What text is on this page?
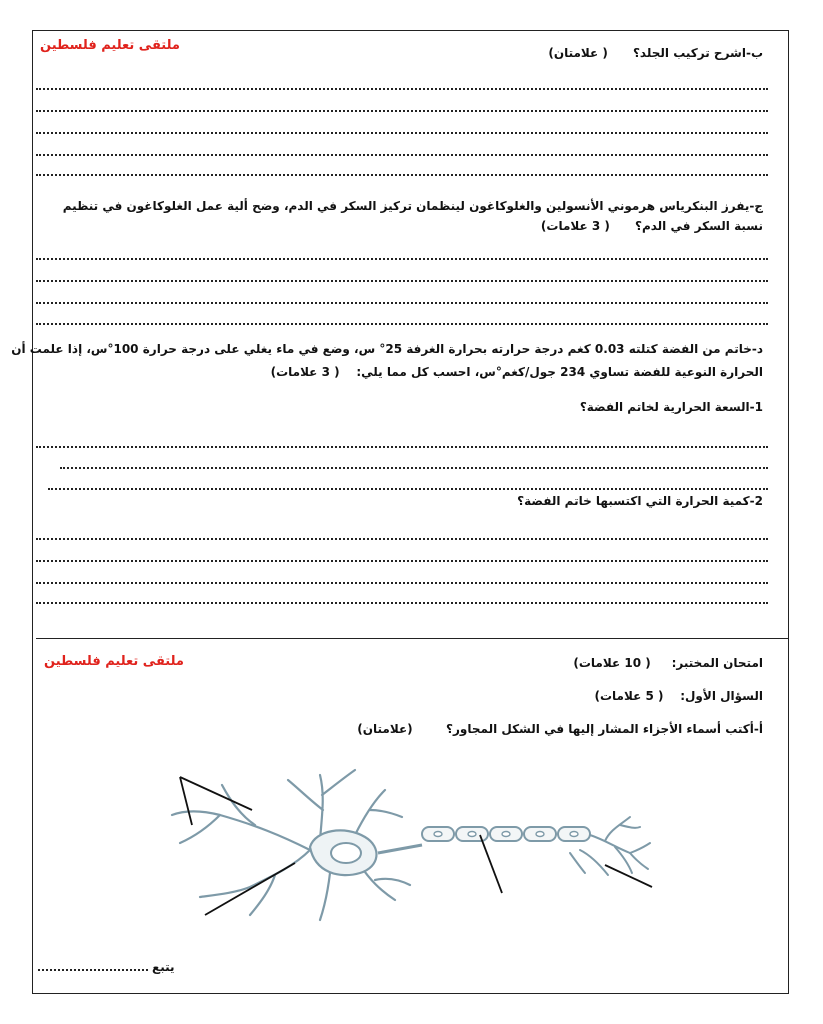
ملتقى تعليم فلسطين	ب-اشرح تركيب الجلد؟      ( علامتان)
ج-يفرز البنكرياس هرموني الأنسولين والغلوكاغون لينظمان تركيز السكر في الدم، وضح ألية عمل الغلوكاغون في تنظيم نسبة السكر في الدم؟      ( 3 علامات)
د-خاتم من الفضة كتلته 0.03 كغم درجة حرارته بحرارة الغرفة 25° س، وضع في ماء يغلي على درجة حرارة 100°س، إذا علمت أن
الحرارة النوعية للفضة تساوي 234 جول/كغم°س، احسب كل مما يلي:    ( 3 علامات)
1-السعة الحرارية لخاتم الفضة؟
2-كمية الحرارة التي اكتسبها خاتم الفضة؟
ملتقى تعليم فلسطين	امتحان المختبر:     ( 10 علامات)
السؤال الأول:    ( 5 علامات)
أ-أكتب أسماء الأجزاء المشار إليها في الشكل المجاور؟        (علامتان)
يتبع
